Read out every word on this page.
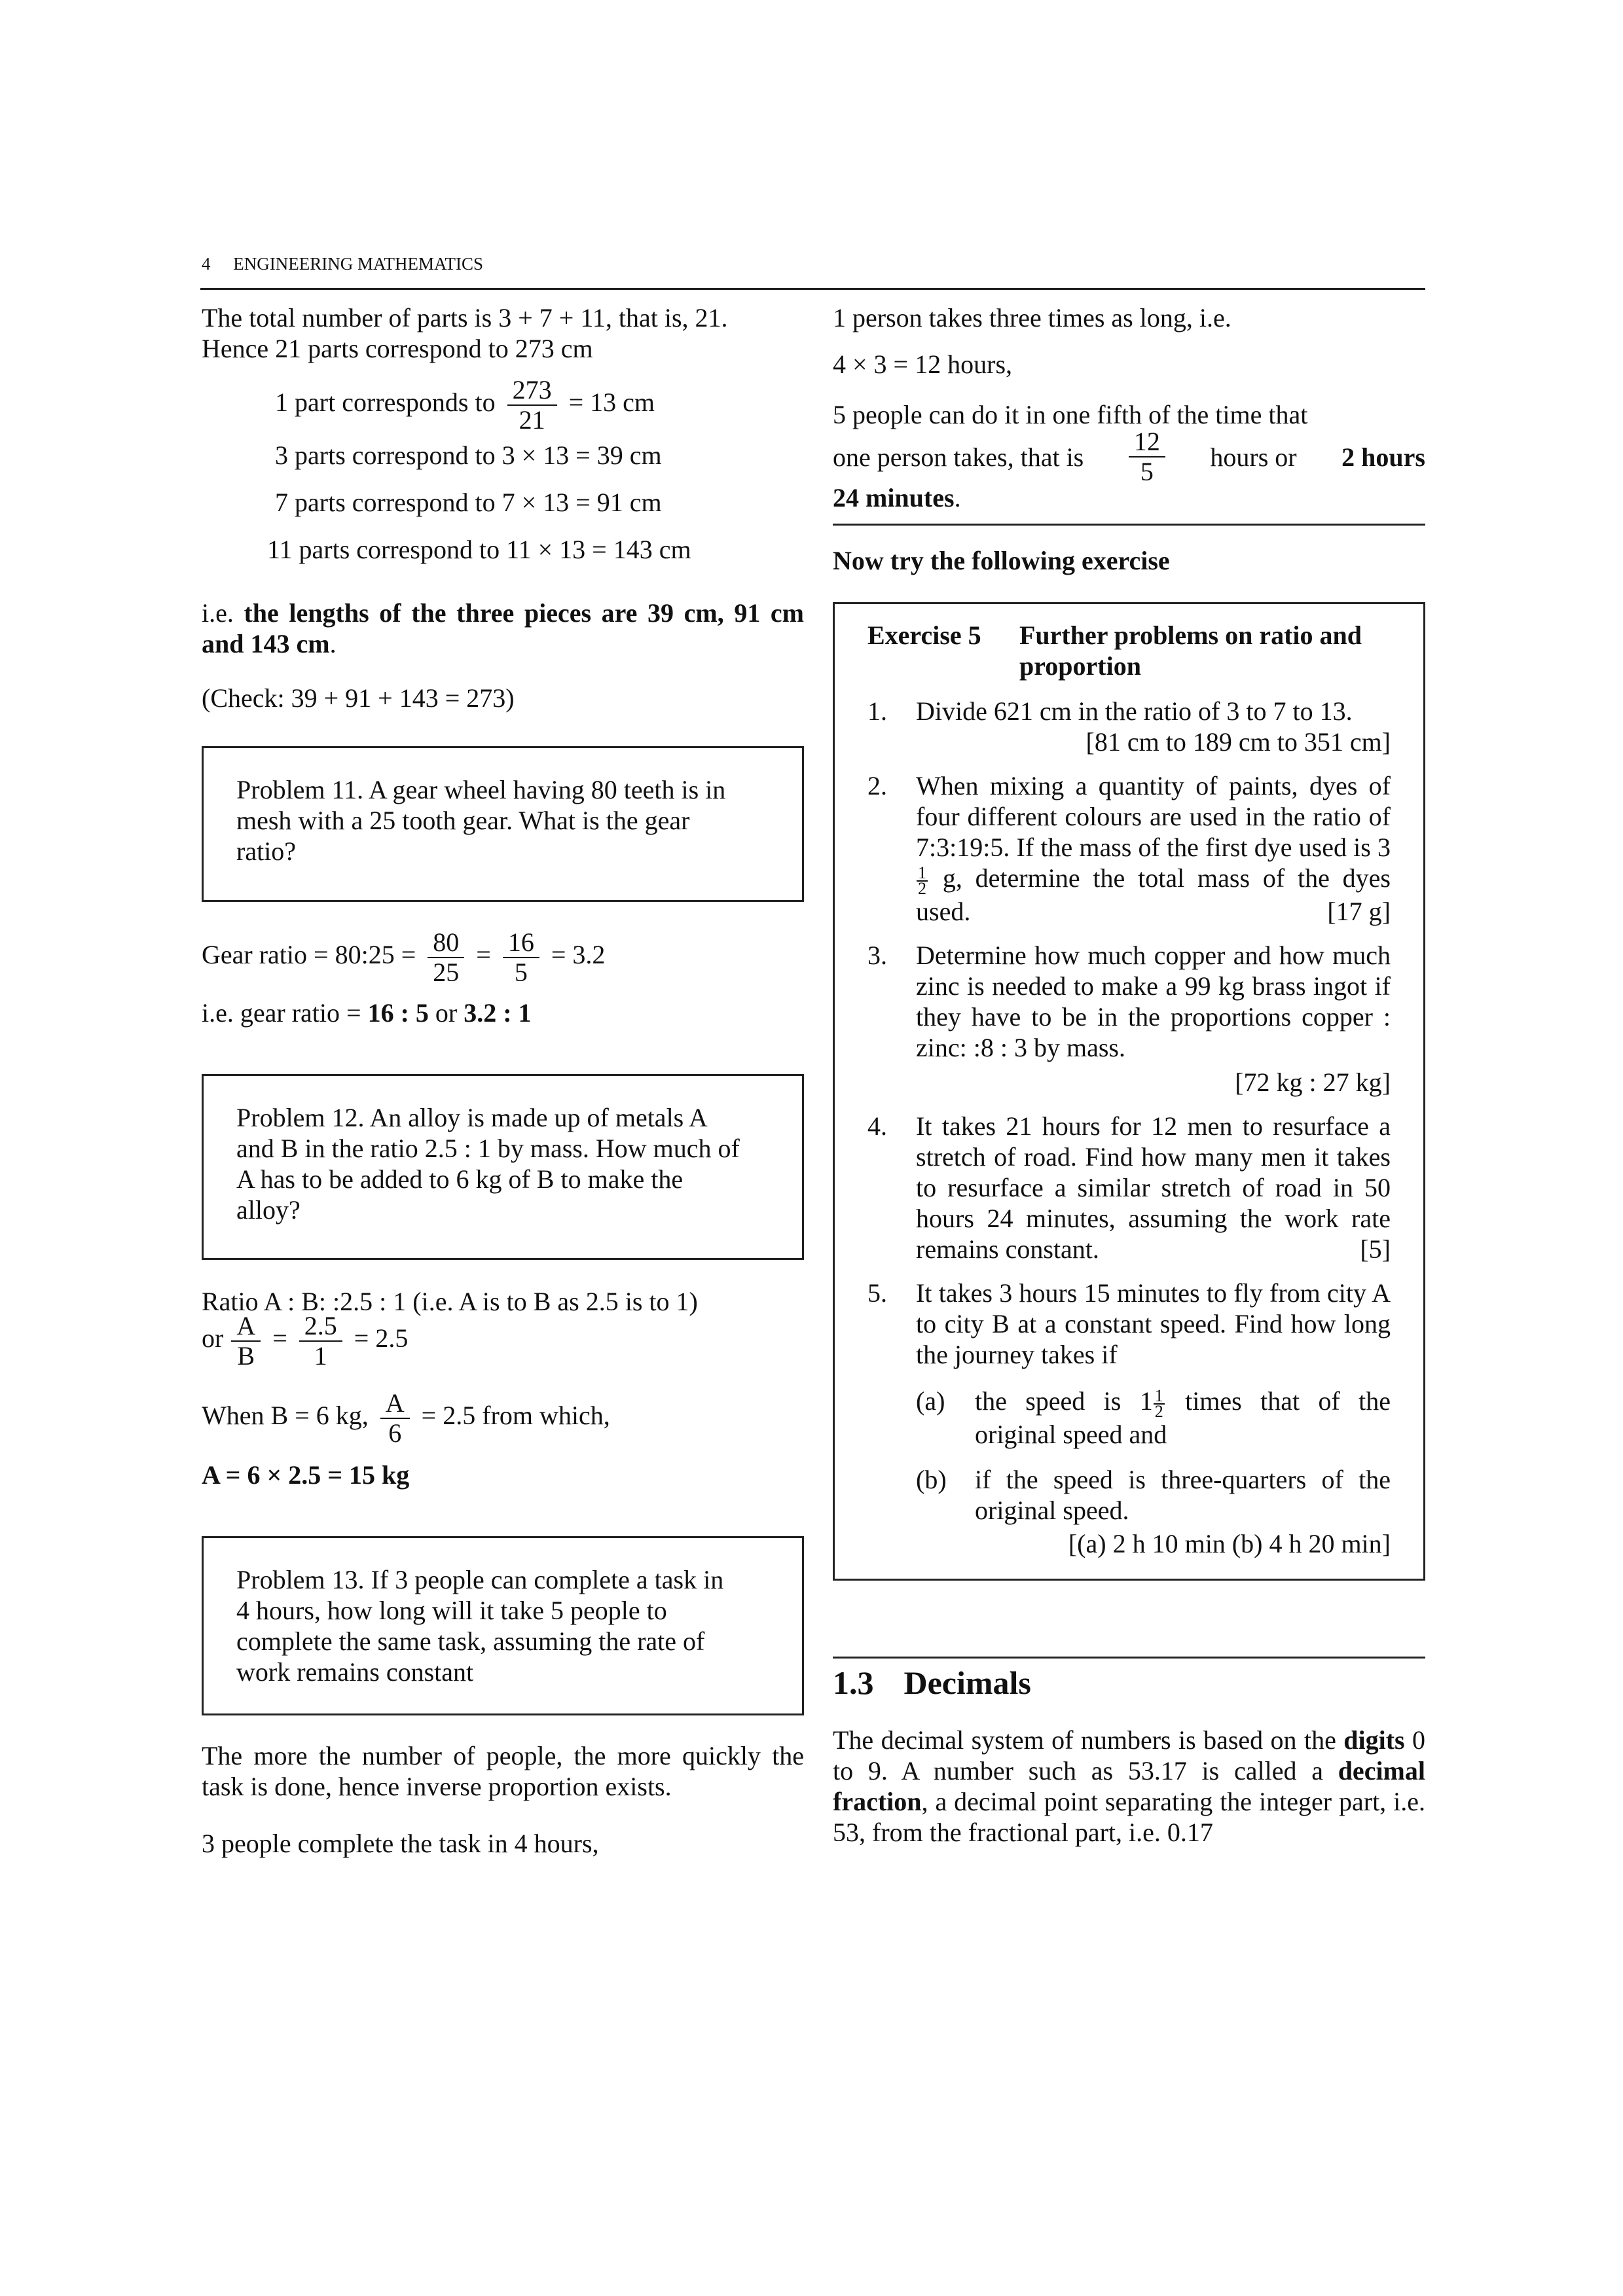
4 ENGINEERING MATHEMATICS

The total number of parts is 3 + 7 + 11, that is, 21.
Hence 21 parts correspond to 273 cm

1 part corresponds to $\frac{273}{21} = 13$ cm

3 parts correspond to 3 × 13 = 39 cm

7 parts correspond to 7 × 13 = 91 cm

11 parts correspond to 11 × 13 = 143 cm

i.e. the lengths of the three pieces are 39 cm, 91 cm and 143 cm.

(Check: 39 + 91 + 143 = 273)

Problem 11. A gear wheel having 80 teeth is in mesh with a 25 tooth gear. What is the gear ratio?

Gear ratio = 80:25 = $\frac{80}{25} = \frac{16}{5} = 3.2$

i.e. gear ratio = 16 : 5 or 3.2 : 1

Problem 12. An alloy is made up of metals A and B in the ratio 2.5 : 1 by mass. How much of A has to be added to 6 kg of B to make the alloy?

Ratio A : B: :2.5 : 1 (i.e. A is to B as 2.5 is to 1)

or $\frac{A}{B} = \frac{2.5}{1} = 2.5$
When B = 6 kg, $\frac{A}{6} = 2.5$ from which,

A = 6 × 2.5 = 15 kg

Problem 13. If 3 people can complete a task in 4 hours, how long will it take 5 people to complete the same task, assuming the rate of work remains constant

The more the number of people, the more quickly the task is done, hence inverse proportion exists.

3 people complete the task in 4 hours,

1 person takes three times as long, i.e.

4 × 3 = 12 hours,

5 people can do it in one fifth of the time that

one person takes, that is $\frac{12}{5}$ hours or 2 hours

24 minutes.

Now try the following exercise

Exercise 5	Further problems on ratio and proportion
1.	Divide 621 cm in the ratio of 3 to 7 to 13.

[81 cm to 189 cm to 351 cm]

2.	When mixing a quantity of paints, dyes of four different colours are used in the ratio of 7:3:19:5. If the mass of the first dye used is 3
$\frac{1}{2} g$, determine the total mass of the dyes used.	[17 g]

3.	Determine how much copper and how much zinc is needed to make a 99 kg brass ingot if they have to be in the proportions copper : zinc: :8 : 3 by mass.

[72 kg : 27 kg]

4.	It takes 21 hours for 12 men to resurface a stretch of road. Find how many men it takes to resurface a similar stretch of road in 50 hours 24 minutes, assuming the work rate remains constant.	[5]

5.	It takes 3 hours 15 minutes to fly from city A to city B at a constant speed. Find how long the journey takes if

(a)	the speed is $1 \frac{1}{2}$ times that of the original speed and

(b)	if the speed is three-quarters of the original speed.

[(a) 2 h 10 min (b) 4 h 20 min]

1.3 Decimals

The decimal system of numbers is based on the digits 0 to 9. A number such as 53.17 is called a decimal fraction, a decimal point separating the integer part, i.e. 53, from the fractional part, i.e. 0.17
